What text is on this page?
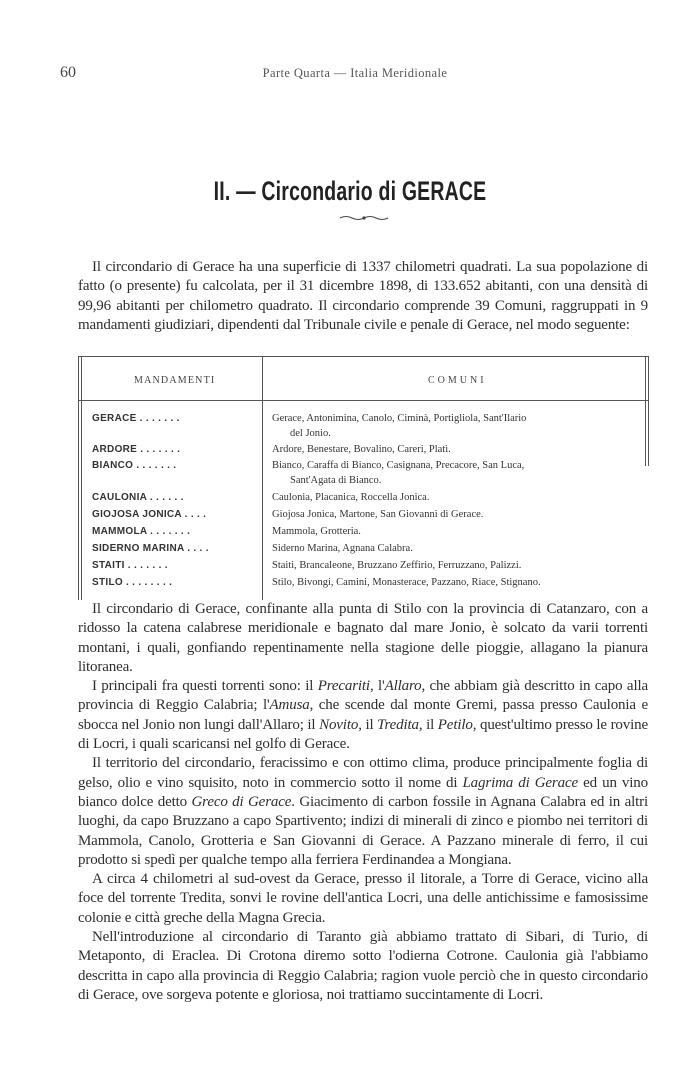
60	Parte Quarta — Italia Meridionale
II. — Circondario di GERACE

Il circondario di Gerace ha una superficie di 1337 chilometri quadrati. La sua popolazione di fatto (o presente) fu calcolata, per il 31 dicembre 1898, di 133.652 abitanti, con una densità di 99,96 abitanti per chilometro quadrato. Il circondario comprende 39 Comuni, raggruppati in 9 mandamenti giudiziari, dipendenti dal Tribunale civile e penale di Gerace, nel modo seguente:

MANDAMENTI	COMUNI
GERACE . . . . . . .	Gerace, Antonimina, Canolo, Ciminà, Portigliola, Sant'Ilario
del Jonio.
ARDORE . . . . . . .	Ardore, Benestare, Bovalino, Careri, Platì.
BIANCO . . . . . . .	Bianco, Caraffa di Bianco, Casignana, Precacore, San Luca,
Sant'Agata di Bianco.
CAULONIA . . . . . .	Caulonia, Placanica, Roccella Jonica.
GIOJOSA JONICA . . . .	Giojosa Jonica, Martone, San Giovanni di Gerace.
MAMMOLA . . . . . . .	Mammola, Grotteria.
SIDERNO MARINA . . . .	Siderno Marina, Agnana Calabra.
STAITI . . . . . . .	Staiti, Brancaleone, Bruzzano Zeffirio, Ferruzzano, Palizzi.
STILO . . . . . . . .	Stilo, Bivongi, Camini, Monasterace, Pazzano, Riace, Stignano.

Il circondario di Gerace, confinante alla punta di Stilo con la provincia di Catanzaro, con a ridosso la catena calabrese meridionale e bagnato dal mare Jonio, è solcato da varii torrenti montani, i quali, gonfiando repentinamente nella stagione delle pioggie, allagano la pianura litoranea.

I principali fra questi torrenti sono: il Precariti, l'Allaro, che abbiam già descritto in capo alla provincia di Reggio Calabria; l'Amusa, che scende dal monte Gremi, passa presso Caulonia e sbocca nel Jonio non lungi dall'Allaro; il Novito, il Tredita, il Petilo, quest'ultimo presso le rovine di Locri, i quali scaricansi nel golfo di Gerace.

Il territorio del circondario, feracissimo e con ottimo clima, produce principalmente foglia di gelso, olio e vino squisito, noto in commercio sotto il nome di Lagrima di Gerace ed un vino bianco dolce detto Greco di Gerace. Giacimento di carbon fossile in Agnana Calabra ed in altri luoghi, da capo Bruzzano a capo Spartivento; indizi di minerali di zinco e piombo nei territori di Mammola, Canolo, Grotteria e San Giovanni di Gerace. A Pazzano minerale di ferro, il cui prodotto si spedì per qualche tempo alla ferriera Ferdinandea a Mongiana.

A circa 4 chilometri al sud-ovest da Gerace, presso il litorale, a Torre di Gerace, vicino alla foce del torrente Tredita, sonvi le rovine dell'antica Locri, una delle antichissime e famosissime colonie e città greche della Magna Grecia.

Nell'introduzione al circondario di Taranto già abbiamo trattato di Sibari, di Turio, di Metaponto, di Eraclea. Di Crotona diremo sotto l'odierna Cotrone. Caulonia già l'abbiamo descritta in capo alla provincia di Reggio Calabria; ragion vuole perciò che in questo circondario di Gerace, ove sorgeva potente e gloriosa, noi trattiamo succintamente di Locri.
